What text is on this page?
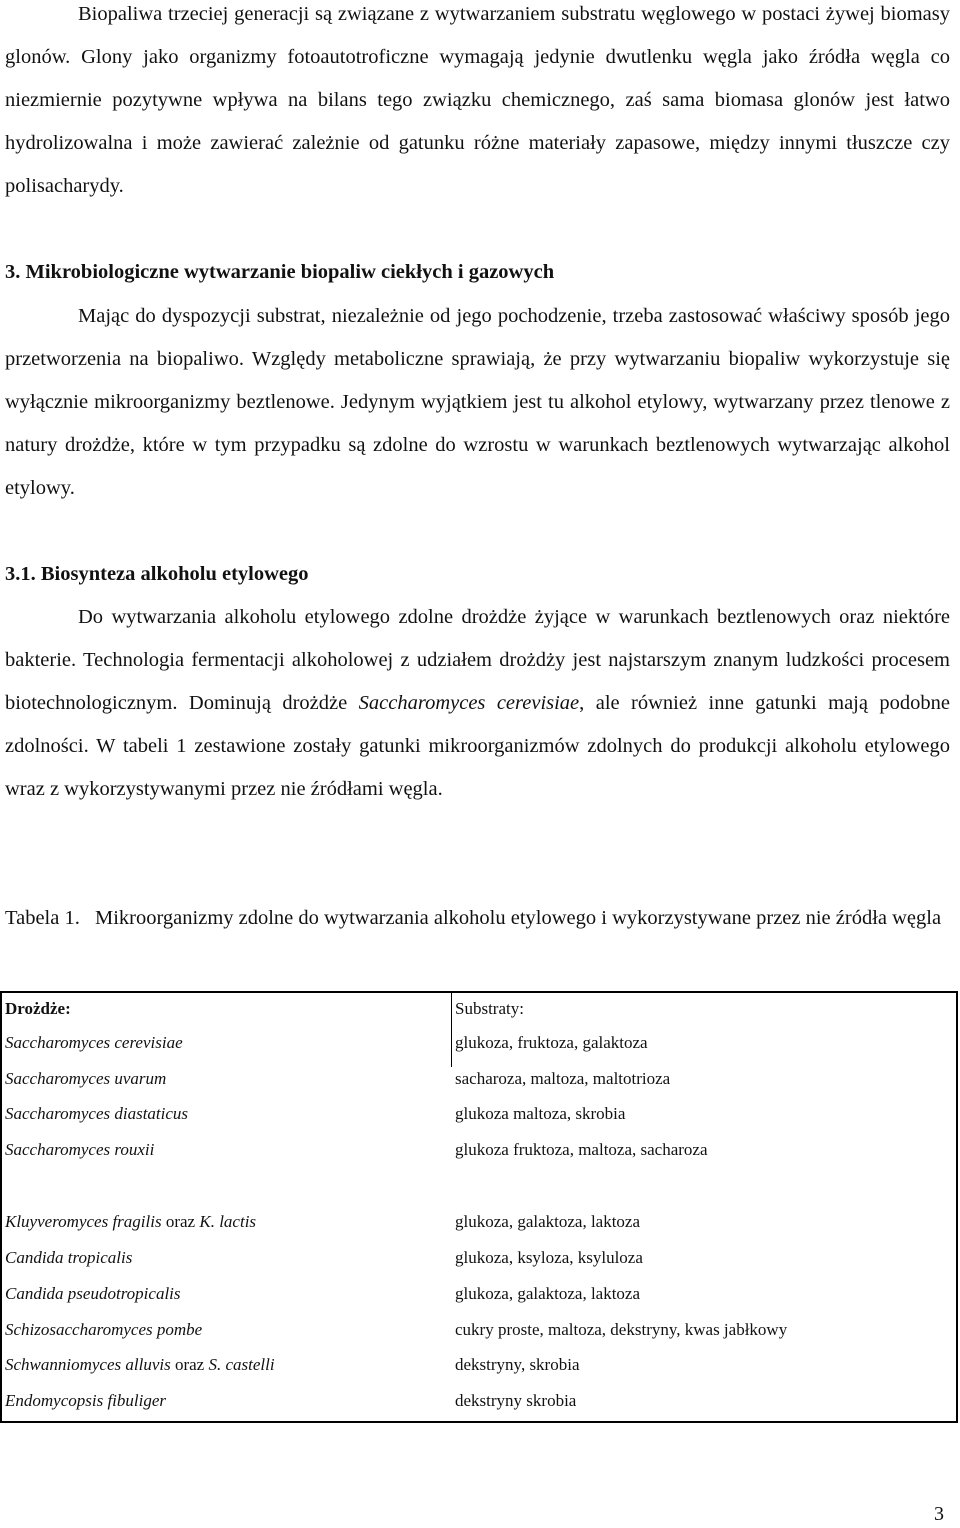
Biopaliwa trzeciej generacji są związane z wytwarzaniem substratu węglowego w postaci żywej biomasy glonów. Glony jako organizmy fotoautotroficzne wymagają jedynie dwutlenku węgla jako źródła węgla co niezmiernie pozytywne wpływa na bilans tego związku chemicznego, zaś sama biomasa glonów jest łatwo hydrolizowalna i może zawierać zależnie od gatunku różne materiały zapasowe, między innymi tłuszcze czy polisacharydy.

3. Mikrobiologiczne wytwarzanie biopaliw ciekłych i gazowych

Mając do dyspozycji substrat, niezależnie od jego pochodzenie, trzeba zastosować właściwy sposób jego przetworzenia na biopaliwo. Względy metaboliczne sprawiają, że przy wytwarzaniu biopaliw wykorzystuje się wyłącznie mikroorganizmy beztlenowe. Jedynym wyjątkiem jest tu alkohol etylowy, wytwarzany przez tlenowe z natury drożdże, które w tym przypadku są zdolne do wzrostu w warunkach beztlenowych wytwarzając alkohol etylowy.

3.1. Biosynteza alkoholu etylowego

Do wytwarzania alkoholu etylowego zdolne drożdże żyjące w warunkach beztlenowych oraz niektóre bakterie. Technologia fermentacji alkoholowej z udziałem drożdży jest najstarszym znanym ludzkości procesem biotechnologicznym. Dominują drożdże Saccharomyces cerevisiae, ale również inne gatunki mają podobne zdolności. W tabeli 1 zestawione zostały gatunki mikroorganizmów zdolnych do produkcji alkoholu etylowego wraz z wykorzystywanymi przez nie źródłami węgla.

Tabela 1. Mikroorganizmy zdolne do wytwarzania alkoholu etylowego i wykorzystywane przez nie źródła węgla

Drożdże:
Saccharomyces cerevisiae
Saccharomyces uvarum
Saccharomyces diastaticus
Saccharomyces rouxii
Kluyveromyces fragilis oraz K. lactis
Candida tropicalis
Candida pseudotropicalis
Schizosaccharomyces pombe
Schwanniomyces alluvis oraz S. castelli
Endomycopsis fibuliger
Substraty:
glukoza, fruktoza, galaktoza
sacharoza, maltoza, maltotrioza
glukoza maltoza, skrobia
glukoza fruktoza, maltoza, sacharoza
glukoza, galaktoza, laktoza
glukoza, ksyloza, ksyluloza
glukoza, galaktoza, laktoza
cukry proste, maltoza, dekstryny, kwas jabłkowy
dekstryny, skrobia
dekstryny skrobia
3
